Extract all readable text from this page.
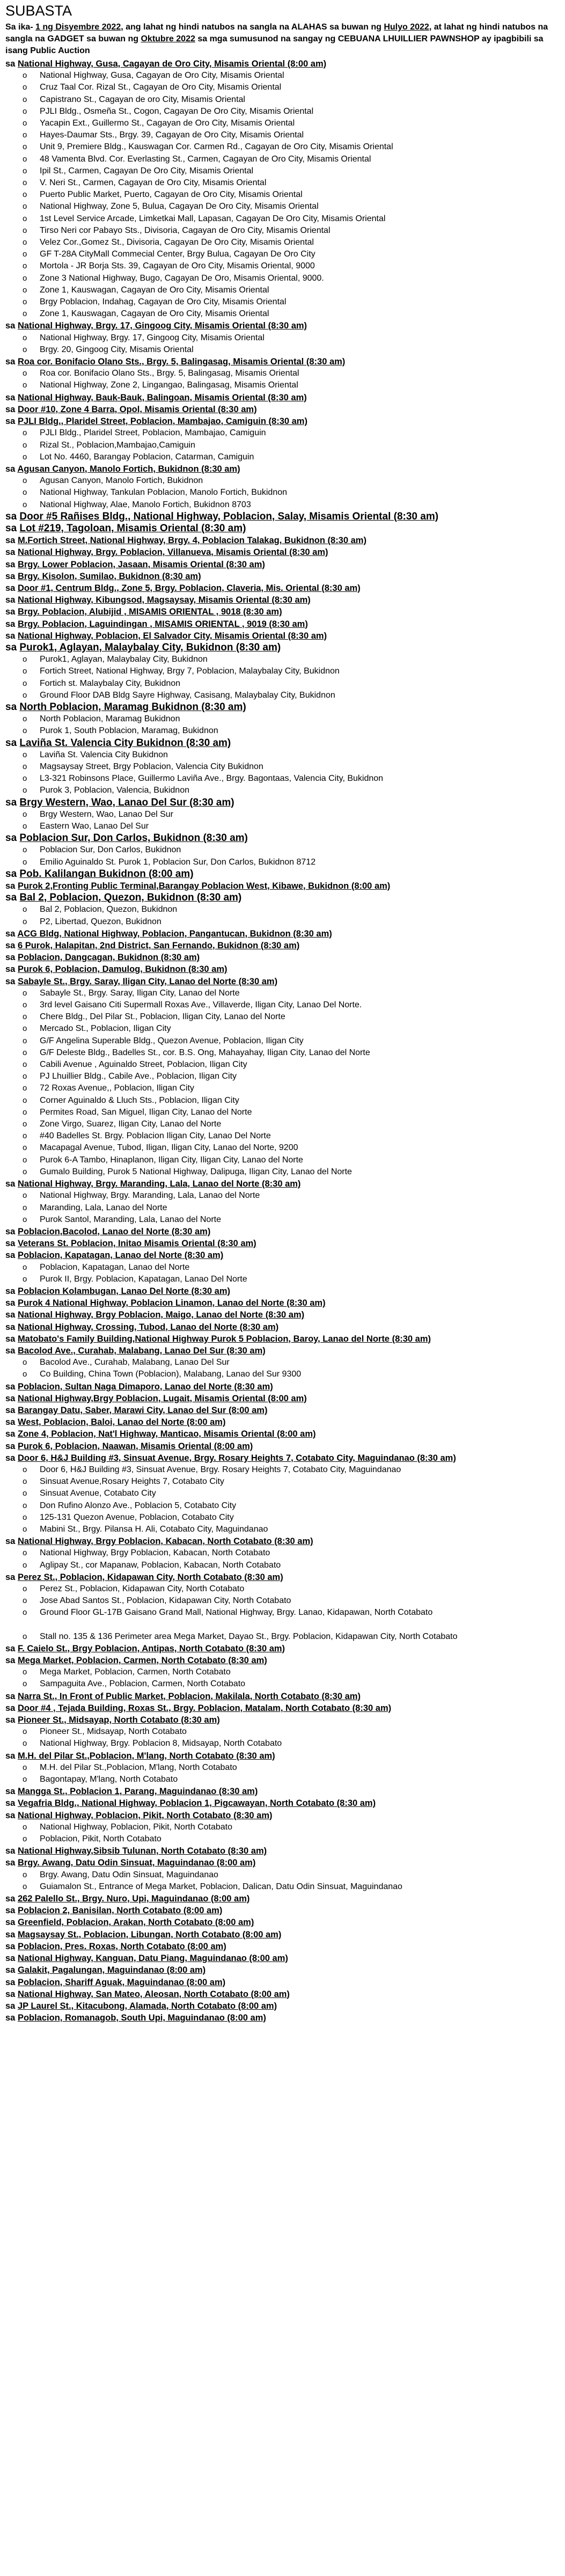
SUBASTA
Sa ika- 1 ng Disyembre 2022, ang lahat ng hindi natubos na sangla na ALAHAS sa buwan ng Hulyo 2022, at lahat ng hindi natubos na sangla na GADGET sa buwan ng Oktubre 2022 sa mga sumusunod na sangay ng CEBUANA LHUILLIER PAWNSHOP ay ipagbibili sa isang Public Auction
sa National Highway, Gusa, Cagayan de Oro City, Misamis Oriental (8:00 am)
o National Highway, Gusa, Cagayan de Oro City, Misamis Oriental
o Cruz Taal Cor. Rizal St., Cagayan de Oro City, Misamis Oriental
o Capistrano St., Cagayan de oro City, Misamis Oriental
o PJLI Bldg., Osmeña St., Cogon, Cagayan De Oro City, Misamis Oriental
o Yacapin Ext., Guillermo St., Cagayan de Oro City, Misamis Oriental
o Hayes-Daumar Sts., Brgy. 39, Cagayan de Oro City, Misamis Oriental
o Unit 9, Premiere Bldg., Kauswagan Cor. Carmen Rd., Cagayan de Oro City, Misamis Oriental
o 48 Vamenta Blvd. Cor. Everlasting St., Carmen, Cagayan de Oro City, Misamis Oriental
o Ipil St., Carmen, Cagayan De Oro City, Misamis Oriental
o V. Neri St., Carmen, Cagayan de Oro City, Misamis Oriental
o Puerto Public Market, Puerto, Cagayan de Oro City, Misamis Oriental
o National Highway, Zone 5, Bulua, Cagayan De Oro City, Misamis Oriental
o 1st Level Service Arcade, Limketkai Mall, Lapasan, Cagayan De Oro City, Misamis Oriental
o Tirso Neri cor Pabayo Sts., Divisoria, Cagayan de Oro City, Misamis Oriental
o Velez Cor.,Gomez St., Divisoria, Cagayan De Oro City, Misamis Oriental
o GF T-28A CityMall Commecial Center, Brgy Bulua, Cagayan De Oro City
o Mortola - JR Borja Sts. 39, Cagayan de Oro City, Misamis Oriental, 9000
o Zone 3 National Highway, Bugo, Cagayan De Oro, Misamis Oriental, 9000.
o Zone 1, Kauswagan, Cagayan de Oro City, Misamis Oriental
o Brgy Poblacion, Indahag, Cagayan de Oro City, Misamis Oriental
o Zone 1, Kauswagan, Cagayan de Oro City, Misamis Oriental
sa National Highway, Brgy. 17, Gingoog City, Misamis Oriental (8:30 am)
o National Highway, Brgy. 17, Gingoog City, Misamis Oriental
o Brgy. 20, Gingoog City, Misamis Oriental
sa Roa cor. Bonifacio Olano Sts., Brgy. 5, Balingasag, Misamis Oriental (8:30 am)
o Roa cor. Bonifacio Olano Sts., Brgy. 5, Balingasag, Misamis Oriental
o National Highway, Zone 2, Lingangao, Balingasag, Misamis Oriental
sa National Highway, Bauk-Bauk, Balingoan, Misamis Oriental (8:30 am)
sa Door #10, Zone 4 Barra, Opol, Misamis Oriental (8:30 am)
sa PJLI Bldg., Plaridel Street, Poblacion, Mambajao, Camiguin (8:30 am)
o PJLI Bldg., Plaridel Street, Poblacion, Mambajao, Camiguin
o Rizal St., Poblacion,Mambajao,Camiguin
o Lot No. 4460, Barangay Poblacion, Catarman, Camiguin
sa Agusan Canyon, Manolo Fortich, Bukidnon (8:30 am)
o Agusan Canyon, Manolo Fortich, Bukidnon
o National Highway, Tankulan Poblacion, Manolo Fortich, Bukidnon
o National Highway, Alae, Manolo Fortich, Bukidnon 8703
sa Door #5 Rañises Bldg., National Highway, Poblacion, Salay, Misamis Oriental (8:30 am)
sa Lot #219, Tagoloan, Misamis Oriental (8:30 am)
sa M.Fortich Street, National Highway, Brgy. 4, Poblacion Talakag, Bukidnon (8:30 am)
sa National Highway, Brgy. Poblacion, Villanueva, Misamis Oriental (8:30 am)
sa Brgy. Lower Poblacion, Jasaan, Misamis Oriental (8:30 am)
sa Brgy. Kisolon, Sumilao, Bukidnon (8:30 am)
sa Door #1, Centrum Bldg., Zone 5, Brgy. Poblacion, Claveria, Mis. Oriental (8:30 am)
sa National Highway, Kibungsod, Magsaysay, Misamis Oriental (8:30 am)
sa Brgy. Poblacion, Alubijid , MISAMIS ORIENTAL , 9018 (8:30 am)
sa Brgy. Poblacion, Laguindingan , MISAMIS ORIENTAL , 9019 (8:30 am)
sa National Highway, Poblacion, El Salvador City, Misamis Oriental (8:30 am)
sa Purok1, Aglayan, Malaybalay City, Bukidnon (8:30 am)
o Purok1, Aglayan, Malaybalay City, Bukidnon
o Fortich Street, National Highway, Brgy 7, Poblacion, Malaybalay City, Bukidnon
o Fortich st. Malaybalay City, Bukidnon
o Ground Floor DAB Bldg Sayre Highway, Casisang, Malaybalay City, Bukidnon
sa North Poblacion, Maramag Bukidnon (8:30 am)
o North Poblacion, Maramag Bukidnon
o Purok 1, South Poblacion, Maramag, Bukidnon
sa Laviña St. Valencia City Bukidnon (8:30 am)
o Laviña St. Valencia City Bukidnon
o Magsaysay Street, Brgy Poblacion, Valencia City Bukidnon
o L3-321 Robinsons Place, Guillermo Laviña Ave., Brgy. Bagontaas, Valencia City, Bukidnon
o Purok 3, Poblacion, Valencia, Bukidnon
sa Brgy Western, Wao, Lanao Del Sur (8:30 am)
o Brgy Western, Wao, Lanao Del Sur
o Eastern Wao, Lanao Del Sur
sa Poblacion Sur, Don Carlos, Bukidnon (8:30 am)
o Poblacion Sur, Don Carlos, Bukidnon
o Emilio Aguinaldo St. Purok 1, Poblacion Sur, Don Carlos, Bukidnon 8712
sa Pob. Kalilangan Bukidnon (8:00 am)
sa Purok 2,Fronting Public Terminal,Barangay Poblacion West, Kibawe, Bukidnon (8:00 am)
sa Bal 2, Poblacion, Quezon, Bukidnon (8:30 am)
o Bal 2, Poblacion, Quezon, Bukidnon
o P2, Libertad, Quezon, Bukidnon
sa ACG Bldg, National Highway, Poblacion, Pangantucan, Bukidnon (8:30 am)
sa 6 Purok, Halapitan, 2nd District, San Fernando, Bukidnon (8:30 am)
sa Poblacion, Dangcagan, Bukidnon (8:30 am)
sa Purok 6, Poblacion, Damulog, Bukidnon (8:30 am)
sa Sabayle St., Brgy. Saray, Iligan City, Lanao del Norte (8:30 am)
o Sabayle St., Brgy. Saray, Iligan City, Lanao del Norte
o 3rd level Gaisano Citi Supermall Roxas Ave., Villaverde, Iligan City, Lanao Del Norte.
o Chere Bldg., Del Pilar St., Poblacion, Iligan City, Lanao del Norte
o Mercado St., Poblacion, Iligan City
o G/F Angelina Superable Bldg., Quezon Avenue, Poblacion, Iligan City
o G/F Deleste Bldg., Badelles St., cor. B.S. Ong, Mahayahay, Iligan City, Lanao del Norte
o Cabili Avenue , Aguinaldo Street, Poblacion, Iligan City
o PJ Lhuillier Bldg., Cabile Ave., Poblacion, Iligan City
o 72 Roxas Avenue,, Poblacion, Iligan City
o Corner Aguinaldo & Lluch Sts., Poblacion, Iligan City
o Permites Road, San Miguel, Iligan City, Lanao del Norte
o Zone Virgo, Suarez, Iligan City, Lanao del Norte
o #40 Badelles St. Brgy. Poblacion Iligan City, Lanao Del Norte
o Macapagal Avenue, Tubod, Iligan, Iligan City, Lanao del Norte, 9200
o Purok 6-A Tambo, Hinaplanon, Iligan City, Iligan City, Lanao del Norte
o Gumalo Building, Purok 5 National Highway, Dalipuga, Iligan City, Lanao del Norte
sa National Highway, Brgy. Maranding, Lala, Lanao del Norte (8:30 am)
o National Highway, Brgy. Maranding, Lala, Lanao del Norte
o Maranding, Lala, Lanao del Norte
o Purok Santol, Maranding, Lala, Lanao del Norte
sa Poblacion,Bacolod, Lanao del Norte (8:30 am)
sa Veterans St. Poblacion, Initao Misamis Oriental (8:30 am)
sa Poblacion, Kapatagan, Lanao del Norte (8:30 am)
o Poblacion, Kapatagan, Lanao del Norte
o Purok II, Brgy. Poblacion, Kapatagan, Lanao Del Norte
sa Poblacion Kolambugan, Lanao Del Norte (8:30 am)
sa Purok 4 National Highway, Poblacion Linamon, Lanao del Norte (8:30 am)
sa National Highway, Brgy Poblacion, Maigo, Lanao del Norte (8:30 am)
sa National Highway, Crossing, Tubod, Lanao del Norte (8:30 am)
sa Matobato's Family Building,National Highway Purok 5 Poblacion, Baroy, Lanao del Norte (8:30 am)
sa Bacolod Ave., Curahab, Malabang, Lanao Del Sur (8:30 am)
o Bacolod Ave., Curahab, Malabang, Lanao Del Sur
o Co Building, China Town (Poblacion), Malabang, Lanao del Sur 9300
sa Poblacion, Sultan Naga Dimaporo, Lanao del Norte (8:30 am)
sa National Highway,Brgy Poblacion, Lugait, Misamis Oriental (8:00 am)
sa Barangay Datu, Saber, Marawi City, Lanao del Sur (8:00 am)
sa West, Poblacion, Baloi, Lanao del Norte (8:00 am)
sa Zone 4, Poblacion, Nat'l Highway, Manticao, Misamis Oriental (8:00 am)
sa Purok 6, Poblacion, Naawan, Misamis Oriental (8:00 am)
sa Door 6, H&J Building #3, Sinsuat Avenue, Brgy. Rosary Heights 7, Cotabato City, Maguindanao (8:30 am)
o Door 6, H&J Building #3, Sinsuat Avenue, Brgy. Rosary Heights 7, Cotabato City, Maguindanao
o Sinsuat Avenue,Rosary Heights 7, Cotabato City
o Sinsuat Avenue, Cotabato City
o Don Rufino Alonzo Ave., Poblacion 5, Cotabato City
o 125-131 Quezon Avenue, Poblacion, Cotabato City
o Mabini St., Brgy. Pilansa H. Ali, Cotabato City, Maguindanao
sa National Highway, Brgy Poblacion, Kabacan, North Cotabato (8:30 am)
o National Highway, Brgy Poblacion, Kabacan, North Cotabato
o Aglipay St., cor Mapanaw, Poblacion, Kabacan, North Cotabato
sa Perez St., Poblacion, Kidapawan City, North Cotabato (8:30 am)
o Perez St., Poblacion, Kidapawan City, North Cotabato
o Jose Abad Santos St., Poblacion, Kidapawan City, North Cotabato
o Ground Floor GL-17B Gaisano Grand Mall, National Highway, Brgy. Lanao, Kidapawan, North Cotabato
o Stall no. 135 & 136 Perimeter area Mega Market, Dayao St., Brgy. Poblacion, Kidapawan City, North Cotabato
sa F. Caielo St., Brgy Poblacion, Antipas, North Cotabato (8:30 am)
sa Mega Market, Poblacion, Carmen, North Cotabato (8:30 am)
o Mega Market, Poblacion, Carmen, North Cotabato
o Sampaguita Ave., Poblacion, Carmen, North Cotabato
sa Narra St., In Front of Public Market, Poblacion, Makilala, North Cotabato (8:30 am)
sa Door #4 , Tejada Building, Roxas St., Brgy. Poblacion, Matalam, North Cotabato (8:30 am)
sa Pioneer St., Midsayap, North Cotabato (8:30 am)
o Pioneer St., Midsayap, North Cotabato
o National Highway, Brgy. Poblacion 8, Midsayap, North Cotabato
sa M.H. del Pilar St.,Poblacion, M'lang, North Cotabato (8:30 am)
o M.H. del Pilar St.,Poblacion, M'lang, North Cotabato
o Bagontapay, M'lang, North Cotabato
sa Mangga St., Poblacion 1, Parang, Maguindanao (8:30 am)
sa Vegafria Bldg., National Highway, Poblacion 1, Pigcawayan, North Cotabato (8:30 am)
sa National Highway, Poblacion, Pikit, North Cotabato (8:30 am)
o National Highway, Poblacion, Pikit, North Cotabato
o Poblacion, Pikit, North Cotabato
sa National Highway,Sibsib Tulunan, North Cotabato (8:30 am)
sa Brgy. Awang, Datu Odin Sinsuat, Maguindanao (8:00 am)
o Brgy. Awang, Datu Odin Sinsuat, Maguindanao
o Guiamalon St., Entrance of Mega Market, Poblacion, Dalican, Datu Odin Sinsuat, Maguindanao
sa 262 Palello St., Brgy. Nuro, Upi, Maguindanao (8:00 am)
sa Poblacion 2, Banisilan, North Cotabato (8:00 am)
sa Greenfield, Poblacion, Arakan, North Cotabato (8:00 am)
sa Magsaysay St., Poblacion, Libungan, North Cotabato (8:00 am)
sa Poblacion, Pres. Roxas, North Cotabato (8:00 am)
sa National Highway, Kanguan, Datu Piang, Maguindanao (8:00 am)
sa Galakit, Pagalungan, Maguindanao (8:00 am)
sa Poblacion, Shariff Aguak, Maguindanao (8:00 am)
sa National Highway, San Mateo, Aleosan, North Cotabato (8:00 am)
sa JP Laurel St., Kitacubong, Alamada, North Cotabato (8:00 am)
sa Poblacion, Romanagob, South Upi, Maguindanao (8:00 am)
